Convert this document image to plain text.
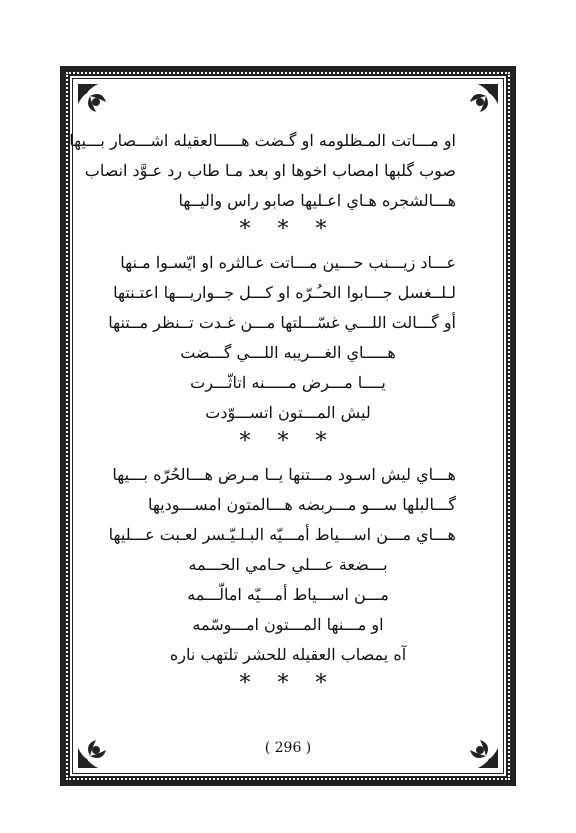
او مـــاتت المـظلومه او گـضت هـــــالعقيله اشـــصار بـــيها
صوب گلبها امصاب اخوها او بعد مـا طاب رد عـوَّد انصاب
هـــالشجره هـاي اعـليها صابو راس واليــها
* * *
عـــاد زيـــنب حـــين مـــاتت عـالثره او ايّسـوا مـنها
لـلــغسل جـــابوا الحـُـرّه او كـــل جــواريـــها اعتـنتها
أو گـــالت اللـــي غسّـــلتها مـــن غـدت تــنظر مــتنها
هـــــاي الغـــريبه اللـــي گـــضت
يــــا مـــرض مـــــنه اتاثّـــرت
ليش المـــتون اتســـوّدت
* * *
هـــاي ليش اسـود مـــتنها يــا مـرض هـــالحُرّه بـــيها
گـــالبلها ســـو مـــربضه هـــالمتون امســـوديها
هـــاي مـــن اســـياط أمـــيّه البـلـيّـسر لعـبت عـــليها
بـــضعة عـــلي حـامي الحـــمه
مـــن اســـياط أمـــيّه امالّـــمه
او مـــنها المـــتون امـــوسّمه
آه يمصاب العقيله للحشر تلتهب ناره
* * *
( 296 )
